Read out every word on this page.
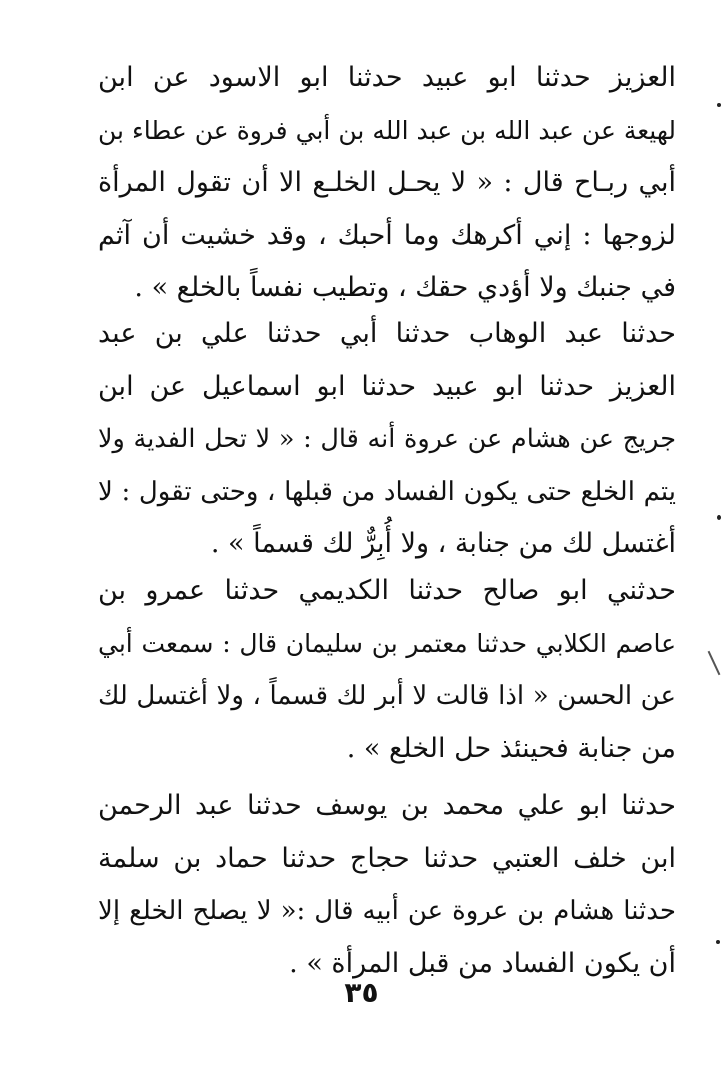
العزيز حدثنا ابو عبيد حدثنا ابو الاسود عن ابن
لهيعة عن عبد الله بن عبد الله بن أبي فروة عن عطاء بن
أبي ربـاح قال : « لا يحـل الخلـع الا أن تقول المرأة
لزوجها : إني أكرهك وما أحبك ، وقد خشيت أن آثم
في جنبك ولا أؤدي حقك ، وتطيب نفساً بالخلع » .
حدثنا عبد الوهاب حدثنا أبي حدثنا علي بن عبد
العزيز حدثنا ابو عبيد حدثنا ابو اسماعيل عن ابن
جريج عن هشام عن عروة أنه قال : « لا تحل الفدية ولا
يتم الخلع حتى يكون الفساد من قبلها ، وحتى تقول : لا
أغتسل لك من جنابة ، ولا أُبِرٌّ لك قسماً » .
حدثني ابو صالح حدثنا الكديمي حدثنا عمرو بن
عاصم الكلابي حدثنا معتمر بن سليمان قال : سمعت أبي
عن الحسن « اذا قالت لا أبر لك قسماً ، ولا أغتسل لك
من جنابة فحينئذ حل الخلع » .
حدثنا ابو علي محمد بن يوسف حدثنا عبد الرحمن
ابن خلف العتبي حدثنا حجاج حدثنا حماد بن سلمة
حدثنا هشام بن عروة عن أبيه قال :« لا يصلح الخلع إلا
أن يكون الفساد من قبل المرأة » .
٣٥
